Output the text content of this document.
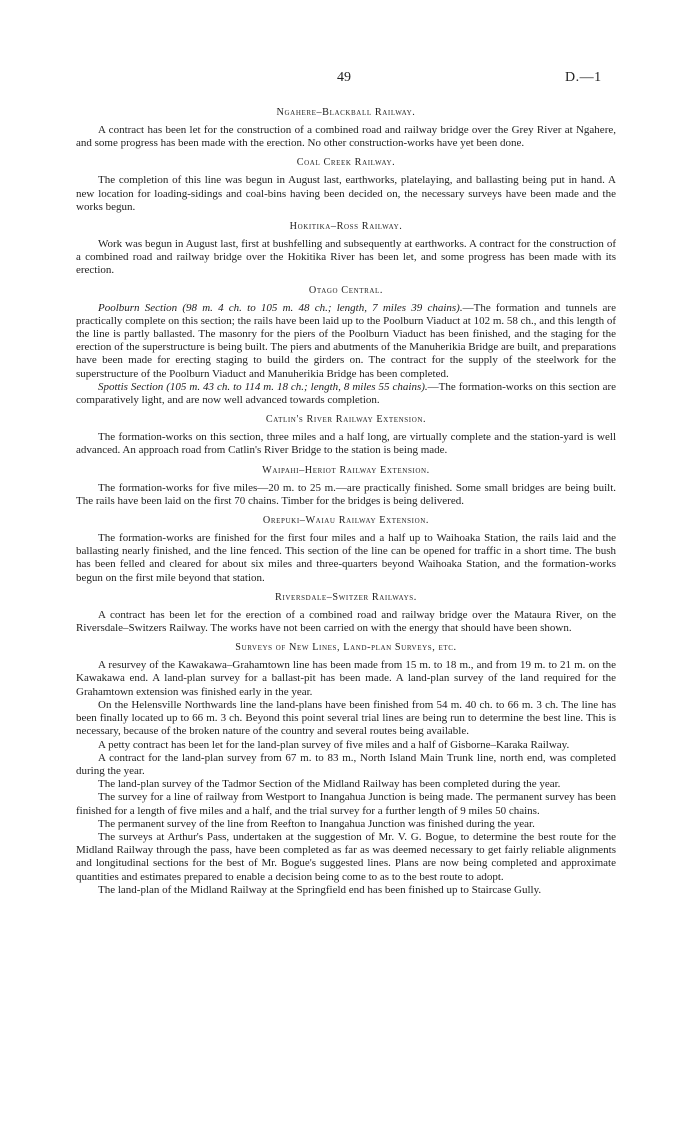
49	D.—1
Ngahere–Blackball Railway.

A contract has been let for the construction of a combined road and railway bridge over the Grey River at Ngahere, and some progress has been made with the erection. No other construction-works have yet been done.

Coal Creek Railway.

The completion of this line was begun in August last, earthworks, platelaying, and ballasting being put in hand. A new location for loading-sidings and coal-bins having been decided on, the necessary surveys have been made and the works begun.

Hokitika–Ross Railway.

Work was begun in August last, first at bushfelling and subsequently at earthworks. A contract for the construction of a combined road and railway bridge over the Hokitika River has been let, and some progress has been made with its erection.

Otago Central.

Poolburn Section (98 m. 4 ch. to 105 m. 48 ch.; length, 7 miles 39 chains).—The formation and tunnels are practically complete on this section; the rails have been laid up to the Poolburn Viaduct at 102 m. 58 ch., and this length of the line is partly ballasted. The masonry for the piers of the Poolburn Viaduct has been finished, and the staging for the erection of the superstructure is being built. The piers and abutments of the Manuherikia Bridge are built, and preparations have been made for erecting staging to build the girders on. The contract for the supply of the steelwork for the superstructure of the Poolburn Viaduct and Manuherikia Bridge has been completed.

Spottis Section (105 m. 43 ch. to 114 m. 18 ch.; length, 8 miles 55 chains).—The formation-works on this section are comparatively light, and are now well advanced towards completion.

Catlin's River Railway Extension.

The formation-works on this section, three miles and a half long, are virtually complete and the station-yard is well advanced. An approach road from Catlin's River Bridge to the station is being made.

Waipahi–Heriot Railway Extension.

The formation-works for five miles—20 m. to 25 m.—are practically finished. Some small bridges are being built. The rails have been laid on the first 70 chains. Timber for the bridges is being delivered.

Orepuki–Waiau Railway Extension.

The formation-works are finished for the first four miles and a half up to Waihoaka Station, the rails laid and the ballasting nearly finished, and the line fenced. This section of the line can be opened for traffic in a short time. The bush has been felled and cleared for about six miles and three-quarters beyond Waihoaka Station, and the formation-works begun on the first mile beyond that station.

Riversdale–Switzer Railways.

A contract has been let for the erection of a combined road and railway bridge over the Mataura River, on the Riversdale–Switzers Railway. The works have not been carried on with the energy that should have been shown.

Surveys of New Lines, Land-plan Surveys, etc.

A resurvey of the Kawakawa–Grahamtown line has been made from 15 m. to 18 m., and from 19 m. to 21 m. on the Kawakawa end. A land-plan survey for a ballast-pit has been made. A land-plan survey of the land required for the Grahamtown extension was finished early in the year.

On the Helensville Northwards line the land-plans have been finished from 54 m. 40 ch. to 66 m. 3 ch. The line has been finally located up to 66 m. 3 ch. Beyond this point several trial lines are being run to determine the best line. This is necessary, because of the broken nature of the country and several routes being available.

A petty contract has been let for the land-plan survey of five miles and a half of Gisborne–Karaka Railway.

A contract for the land-plan survey from 67 m. to 83 m., North Island Main Trunk line, north end, was completed during the year.

The land-plan survey of the Tadmor Section of the Midland Railway has been completed during the year.

The survey for a line of railway from Westport to Inangahua Junction is being made. The permanent survey has been finished for a length of five miles and a half, and the trial survey for a further length of 9 miles 50 chains.

The permanent survey of the line from Reefton to Inangahua Junction was finished during the year.

The surveys at Arthur's Pass, undertaken at the suggestion of Mr. V. G. Bogue, to determine the best route for the Midland Railway through the pass, have been completed as far as was deemed necessary to get fairly reliable alignments and longitudinal sections for the best of Mr. Bogue's suggested lines. Plans are now being completed and approximate quantities and estimates prepared to enable a decision being come to as to the best route to adopt.

The land-plan of the Midland Railway at the Springfield end has been finished up to Staircase Gully.
